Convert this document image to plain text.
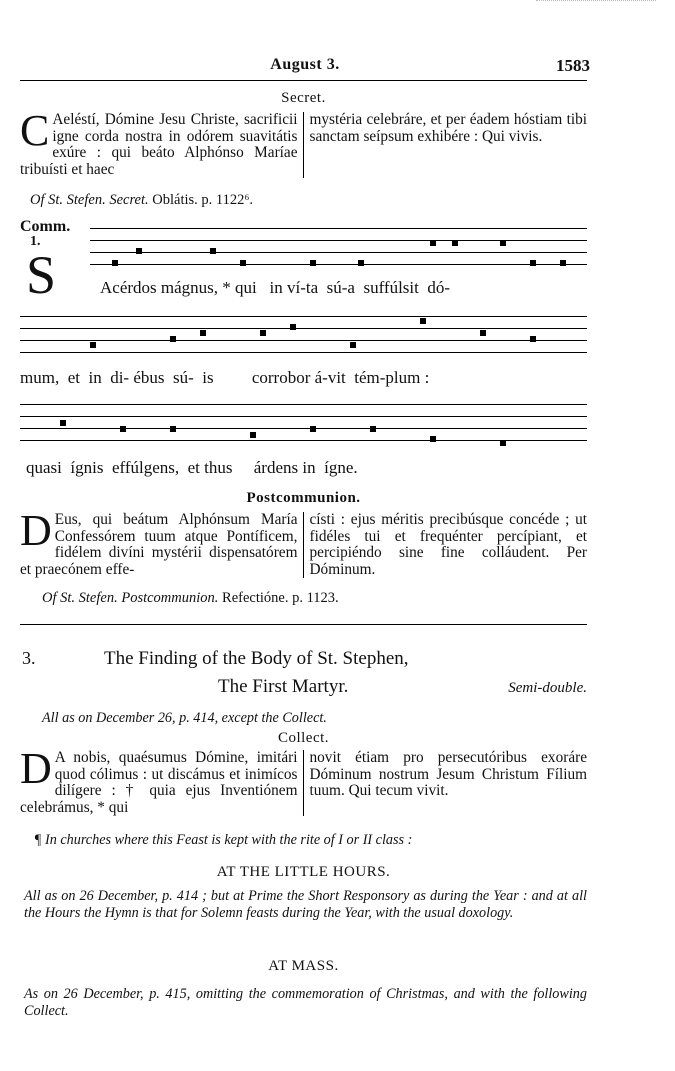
August 3.	1583
Secret.
C Aeléstí, Dómine Jesu Christe, sacrificii igne corda nostra in odórem suavitátis exúre : qui beáto Alphónso Maríae tribuísti et haec
mystéria celebráre, et per éadem hóstiam tibi sanctam seípsum exhibére : Qui vivis.
Of St. Stefen. Secret. Oblátis. p. 1122⁶.
Comm.
1.
S	Acérdos mágnus, * qui   in ví-ta  sú-a  suffúlsit  dó-
mum,  et  in  di- ébus  sú-  is         corrobor á-vit  tém-plum :
quasi  ígnis  effúlgens,  et thus     árdens in  ígne.
Postcommunion.
D Eus, qui beátum Alphónsum María Confessórem tuum atque Pontíficem, fidélem divíni mystérii dispensatórem et praecónem effe-
císti : ejus méritis precibúsque concéde ; ut fidéles tui et frequénter percípiant, et percipiéndo sine fine colláudent. Per Dóminum.
Of St. Stefen. Postcommunion. Refectióne. p. 1123.
3.	The Finding of the Body of St. Stephen,
The First Martyr.	Semi-double.
All as on December 26, p. 414, except the Collect.
Collect.
D A nobis, quaésumus Dómine, imitári quod cólimus : ut discámus et inimícos dilígere : † quia ejus Inventiónem celebrámus, * qui
novit étiam pro persecutóribus exoráre Dóminum nostrum Jesum Christum Fílium tuum. Qui tecum vivit.
¶ In churches where this Feast is kept with the rite of I or II class :
AT THE LITTLE HOURS.
All as on 26 December, p. 414 ; but at Prime the Short Responsory as during the Year : and at all the Hours the Hymn is that for Solemn feasts during the Year, with the usual doxology.
AT MASS.
As on 26 December, p. 415, omitting the commemoration of Christmas, and with the following Collect.
